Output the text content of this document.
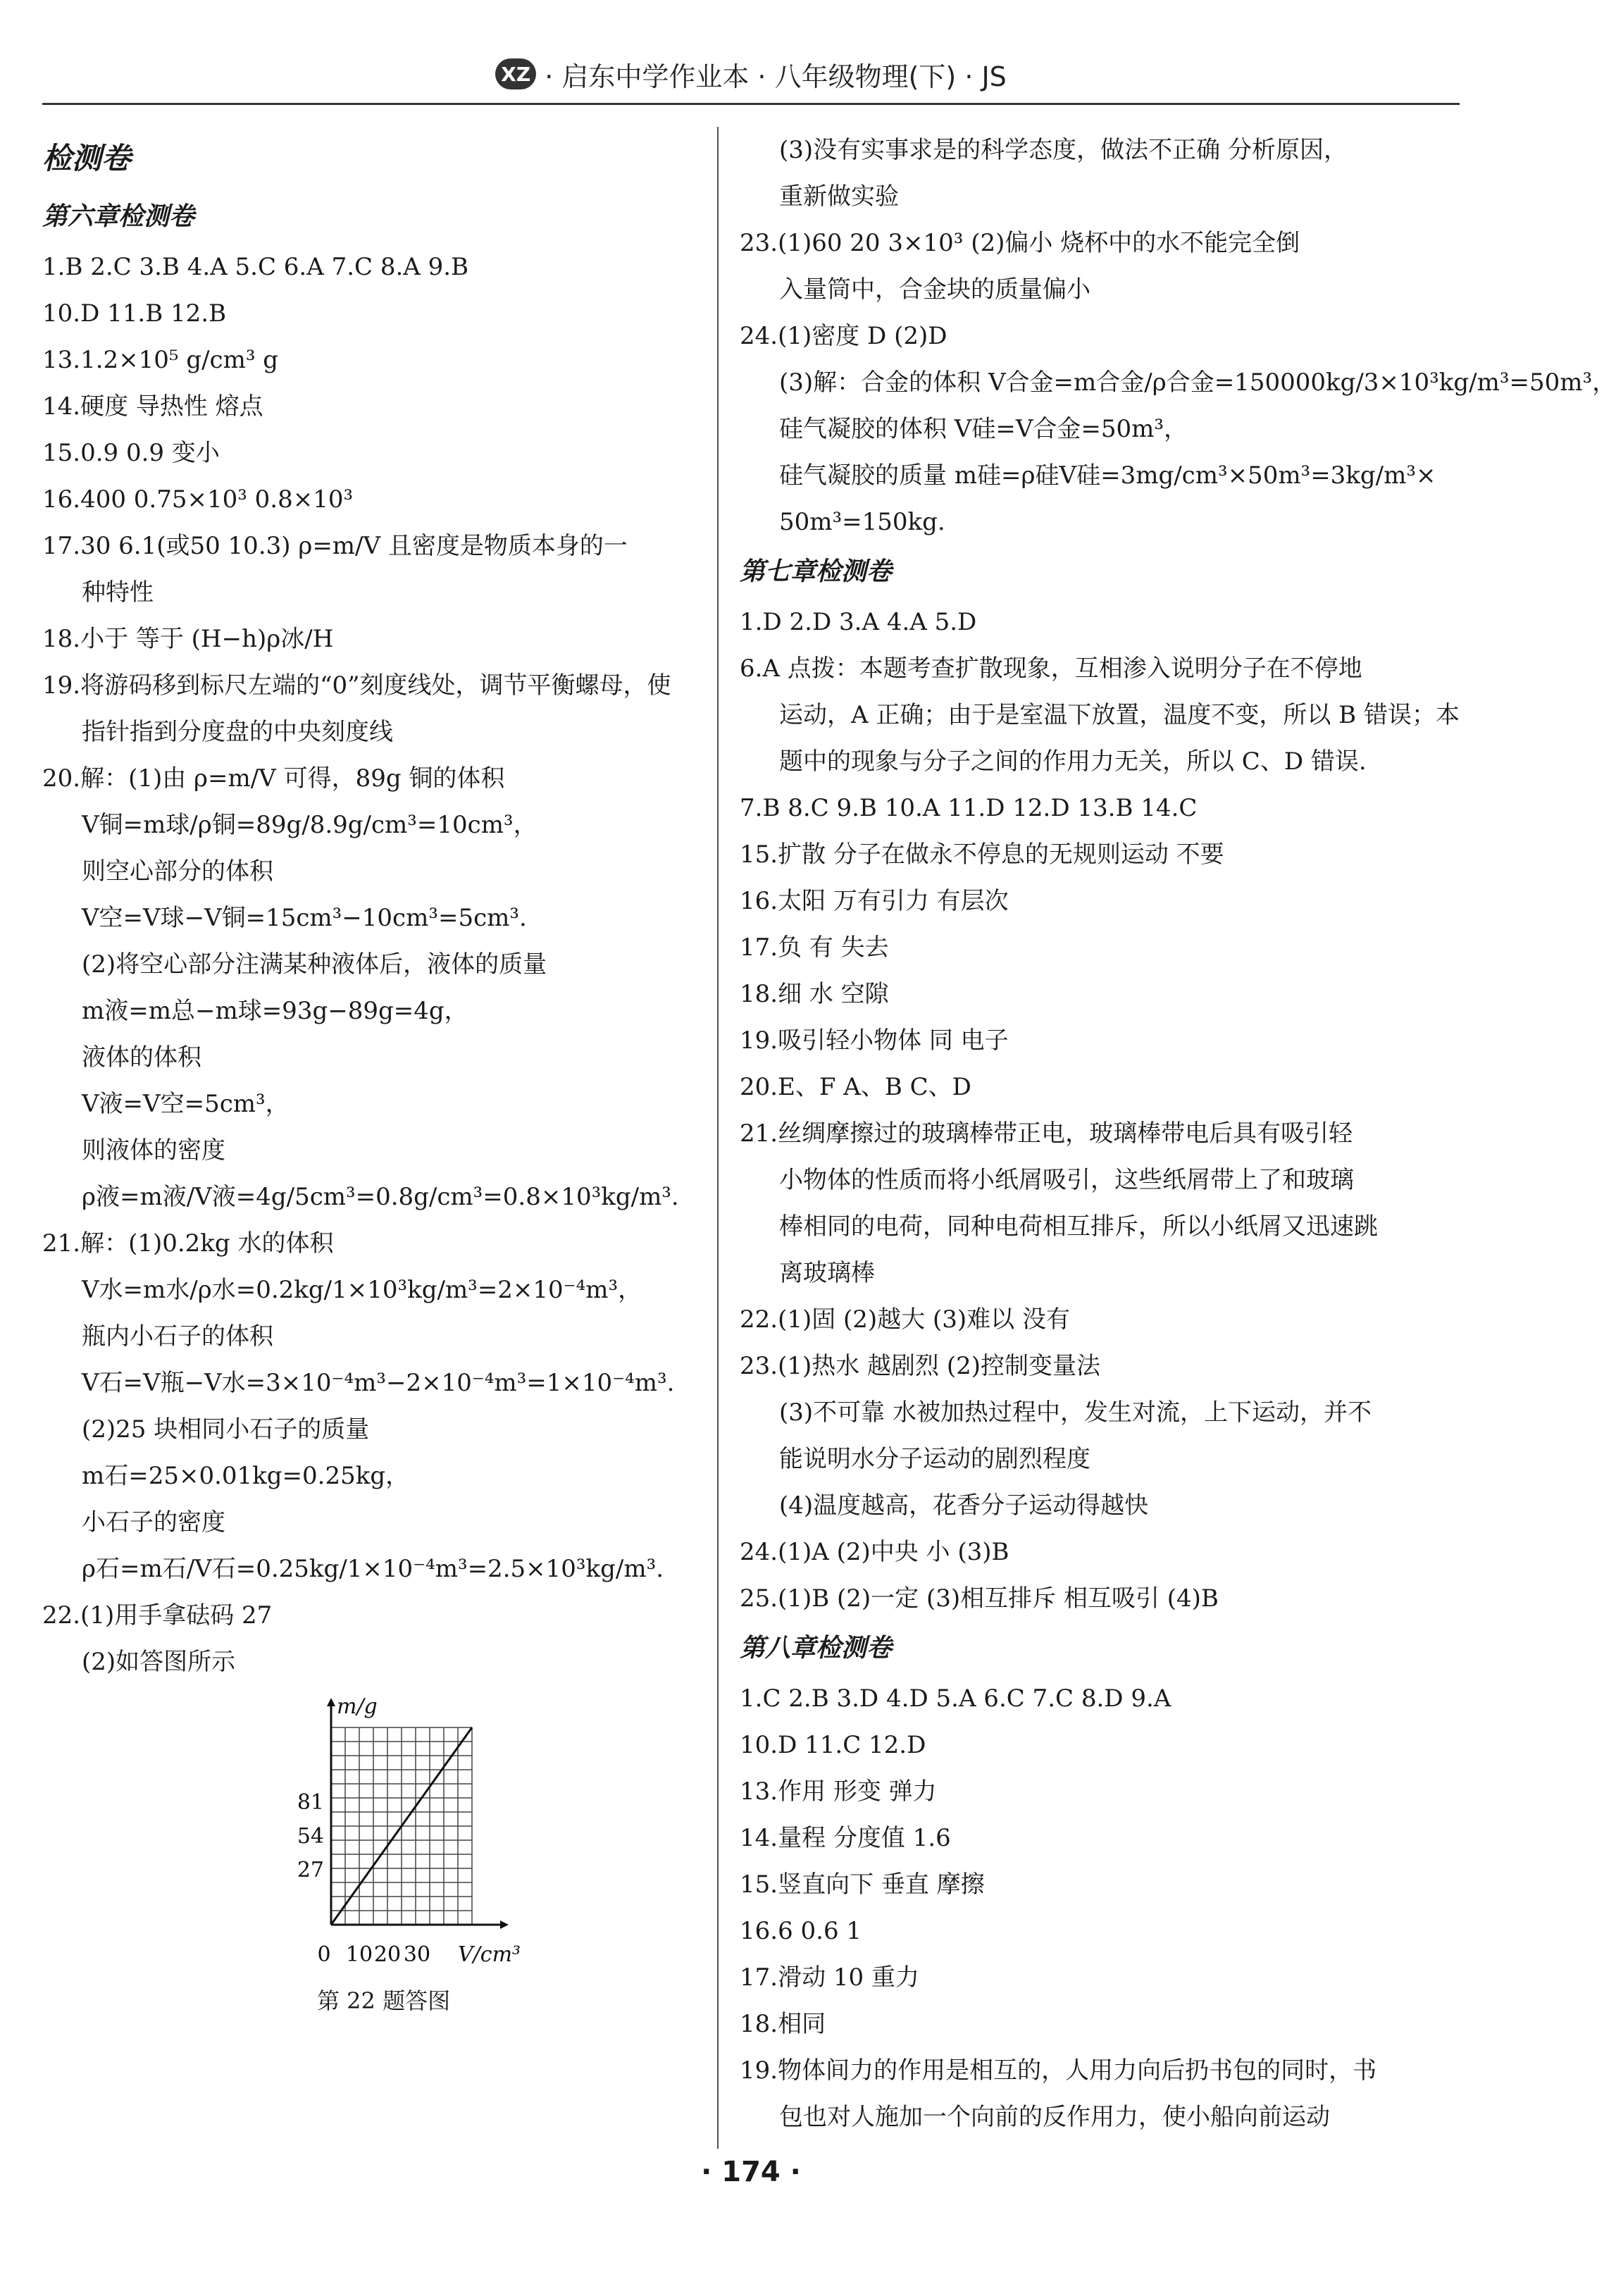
XZ · 启东中学作业本 · 八年级物理(下) · JS
检测卷
第六章检测卷
1.B 2.C 3.B 4.A 5.C 6.A 7.C 8.A 9.B
10.D 11.B 12.B
13.1.2×10⁵ g/cm³ g
14.硬度 导热性 熔点
15.0.9 0.9 变小
16.400 0.75×10³ 0.8×10³
17.30 6.1(或50 10.3) ρ=m/V 且密度是物质本身的一
种特性
18.小于 等于 (H−h)ρ冰/H
19.将游码移到标尺左端的“0”刻度线处，调节平衡螺母，使
指针指到分度盘的中央刻度线
20.解：(1)由 ρ=m/V 可得，89g 铜的体积
V铜=m球/ρ铜=89g/8.9g/cm³=10cm³，
则空心部分的体积
V空=V球−V铜=15cm³−10cm³=5cm³.
(2)将空心部分注满某种液体后，液体的质量
m液=m总−m球=93g−89g=4g，
液体的体积
V液=V空=5cm³，
则液体的密度
ρ液=m液/V液=4g/5cm³=0.8g/cm³=0.8×10³kg/m³.
21.解：(1)0.2kg 水的体积
V水=m水/ρ水=0.2kg/1×10³kg/m³=2×10⁻⁴m³，
瓶内小石子的体积
V石=V瓶−V水=3×10⁻⁴m³−2×10⁻⁴m³=1×10⁻⁴m³.
(2)25 块相同小石子的质量
m石=25×0.01kg=0.25kg，
小石子的密度
ρ石=m石/V石=0.25kg/1×10⁻⁴m³=2.5×10³kg/m³.
22.(1)用手拿砝码 27
(2)如答图所示
m/g
81
54
27
0 10 20 30 V/cm³
第 22 题答图
(3)没有实事求是的科学态度，做法不正确 分析原因，
重新做实验
23.(1)60 20 3×10³ (2)偏小 烧杯中的水不能完全倒
入量筒中，合金块的质量偏小
24.(1)密度 D (2)D
(3)解：合金的体积 V合金=m合金/ρ合金=150000kg/3×10³kg/m³=50m³，
硅气凝胶的体积 V硅=V合金=50m³，
硅气凝胶的质量 m硅=ρ硅V硅=3mg/cm³×50m³=3kg/m³×
50m³=150kg.
第七章检测卷
1.D 2.D 3.A 4.A 5.D
6.A 点拨：本题考查扩散现象，互相渗入说明分子在不停地
运动，A 正确；由于是室温下放置，温度不变，所以 B 错误；本
题中的现象与分子之间的作用力无关，所以 C、D 错误.
7.B 8.C 9.B 10.A 11.D 12.D 13.B 14.C
15.扩散 分子在做永不停息的无规则运动 不要
16.太阳 万有引力 有层次
17.负 有 失去
18.细 水 空隙
19.吸引轻小物体 同 电子
20.E、F A、B C、D
21.丝绸摩擦过的玻璃棒带正电，玻璃棒带电后具有吸引轻
小物体的性质而将小纸屑吸引，这些纸屑带上了和玻璃
棒相同的电荷，同种电荷相互排斥，所以小纸屑又迅速跳
离玻璃棒
22.(1)固 (2)越大 (3)难以 没有
23.(1)热水 越剧烈 (2)控制变量法
(3)不可靠 水被加热过程中，发生对流，上下运动，并不
能说明水分子运动的剧烈程度
(4)温度越高，花香分子运动得越快
24.(1)A (2)中央 小 (3)B
25.(1)B (2)一定 (3)相互排斥 相互吸引 (4)B
第八章检测卷
1.C 2.B 3.D 4.D 5.A 6.C 7.C 8.D 9.A
10.D 11.C 12.D
13.作用 形变 弹力
14.量程 分度值 1.6
15.竖直向下 垂直 摩擦
16.6 0.6 1
17.滑动 10 重力
18.相同
19.物体间力的作用是相互的，人用力向后扔书包的同时，书
包也对人施加一个向前的反作用力，使小船向前运动
· 174 ·
